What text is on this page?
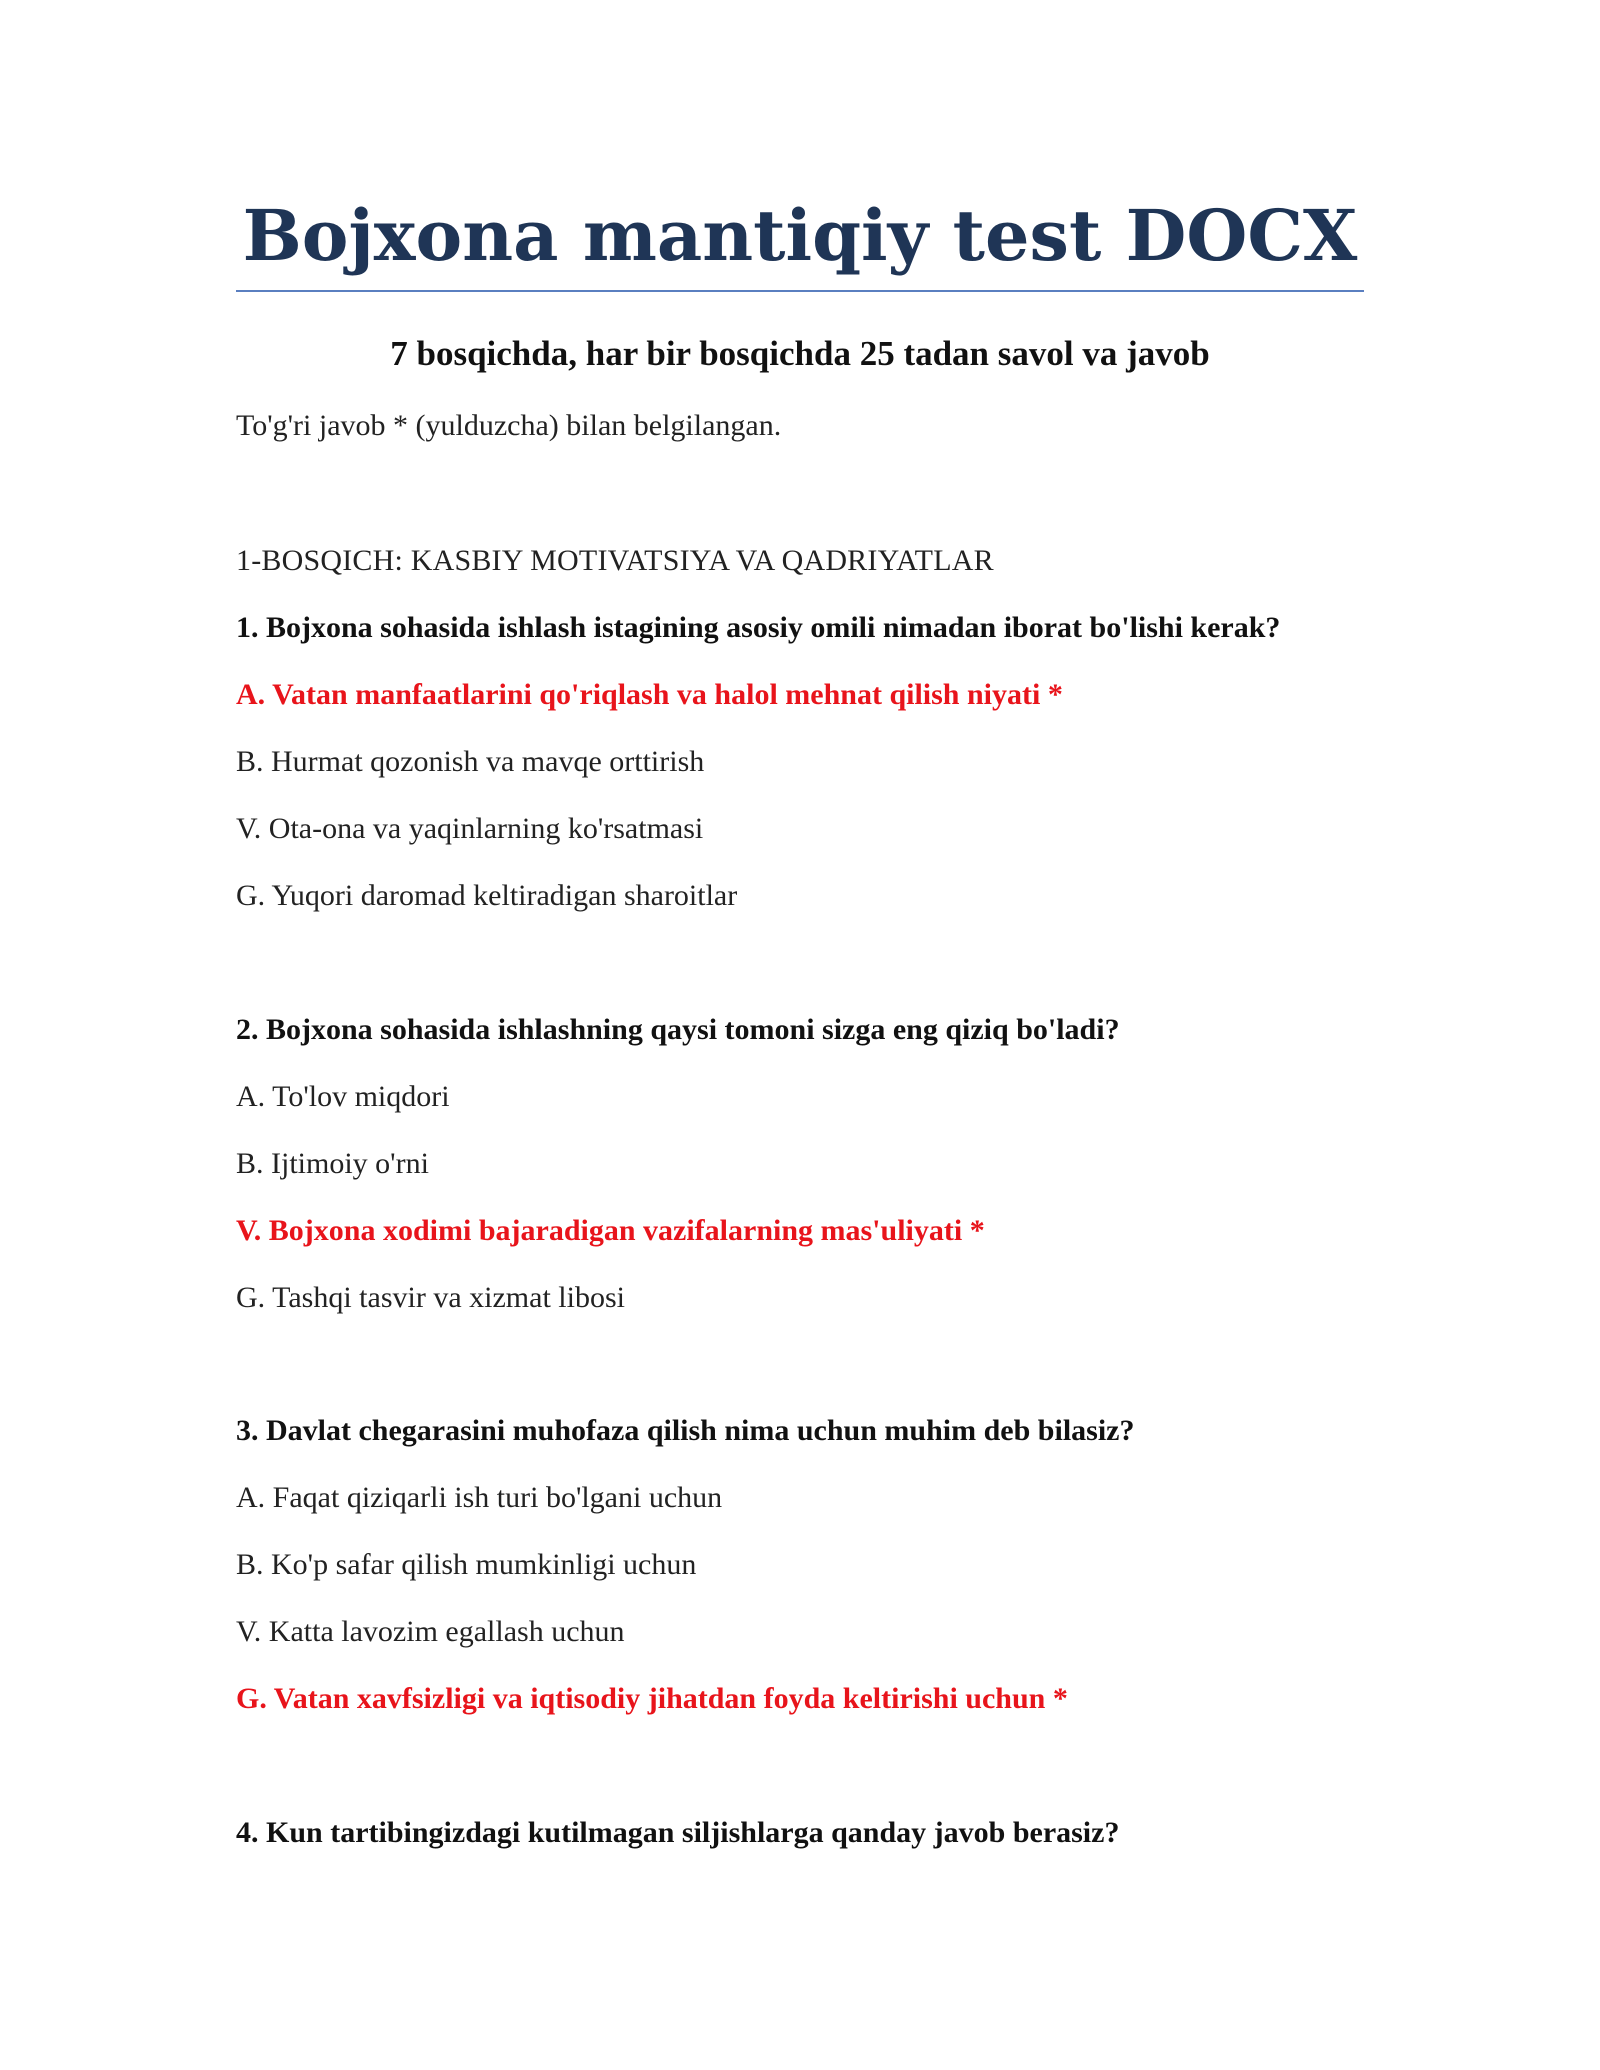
Bojxona mantiqiy test DOCX
7 bosqichda, har bir bosqichda 25 tadan savol va javob
To'g'ri javob * (yulduzcha) bilan belgilangan.
1-BOSQICH: KASBIY MOTIVATSIYA VA QADRIYATLAR
1. Bojxona sohasida ishlash istagining asosiy omili nimadan iborat bo'lishi kerak?
A. Vatan manfaatlarini qo'riqlash va halol mehnat qilish niyati *
B. Hurmat qozonish va mavqe orttirish
V. Ota-ona va yaqinlarning ko'rsatmasi
G. Yuqori daromad keltiradigan sharoitlar
2. Bojxona sohasida ishlashning qaysi tomoni sizga eng qiziq bo'ladi?
A. To'lov miqdori
B. Ijtimoiy o'rni
V. Bojxona xodimi bajaradigan vazifalarning mas'uliyati *
G. Tashqi tasvir va xizmat libosi
3. Davlat chegarasini muhofaza qilish nima uchun muhim deb bilasiz?
A. Faqat qiziqarli ish turi bo'lgani uchun
B. Ko'p safar qilish mumkinligi uchun
V. Katta lavozim egallash uchun
G. Vatan xavfsizligi va iqtisodiy jihatdan foyda keltirishi uchun *
4. Kun tartibingizdagi kutilmagan siljishlarga qanday javob berasiz?
